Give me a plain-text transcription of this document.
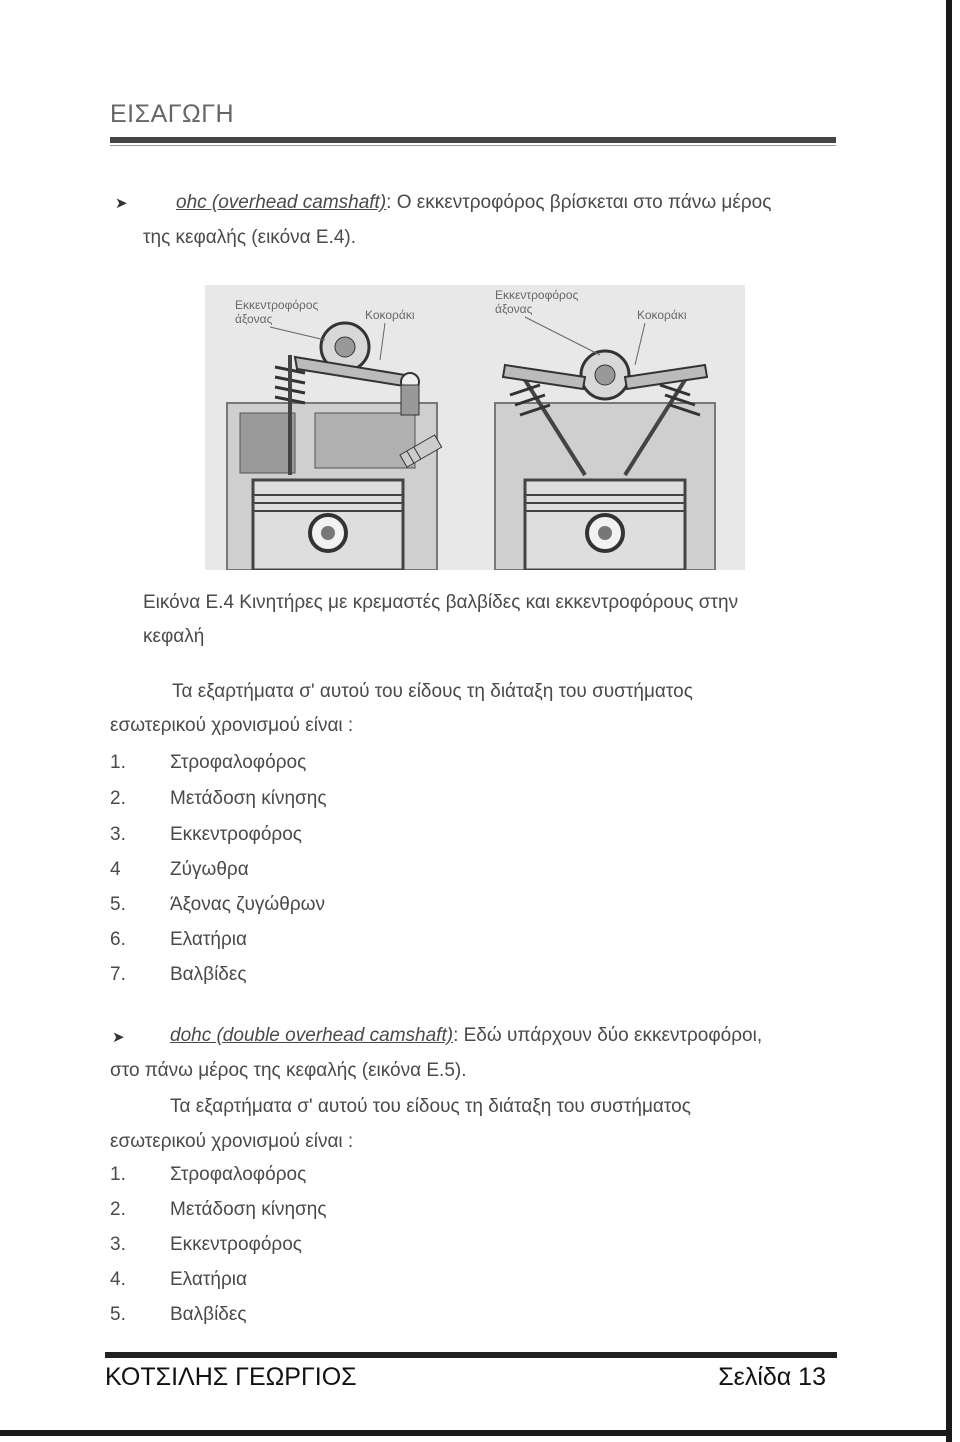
ΕΙΣΑΓΩΓΗ
➤	ohc (overhead camshaft): Ο εκκεντροφόρος βρίσκεται στο πάνω μέρος
της κεφαλής (εικόνα Ε.4).
Εκκεντροφόρος
άξονας	Κοκοράκι
Εκκεντροφόρος
άξονας	Κοκοράκι
Εικόνα Ε.4 Κινητήρες με κρεμαστές βαλβίδες και εκκεντροφόρους στην
κεφαλή
Τα εξαρτήματα σ' αυτού του είδους τη διάταξη του συστήματος
εσωτερικού χρονισμού είναι :
1. Στροφαλοφόρος
2. Μετάδοση κίνησης
3. Εκκεντροφόρος
4	Ζύγωθρα
5. Άξονας ζυγώθρων
6. Ελατήρια
7. Βαλβίδες
➤ dohc (double overhead camshaft): Εδώ υπάρχουν δύο εκκεντροφόροι,
στο πάνω μέρος της κεφαλής (εικόνα Ε.5).
Τα εξαρτήματα σ' αυτού του είδους τη διάταξη του συστήματος
εσωτερικού χρονισμού είναι :
1. Στροφαλοφόρος
2. Μετάδοση κίνησης
3. Εκκεντροφόρος
4. Ελατήρια
5. Βαλβίδες
ΚΟΤΣΙΛΗΣ ΓΕΩΡΓΙΟΣ	Σελίδα 13
